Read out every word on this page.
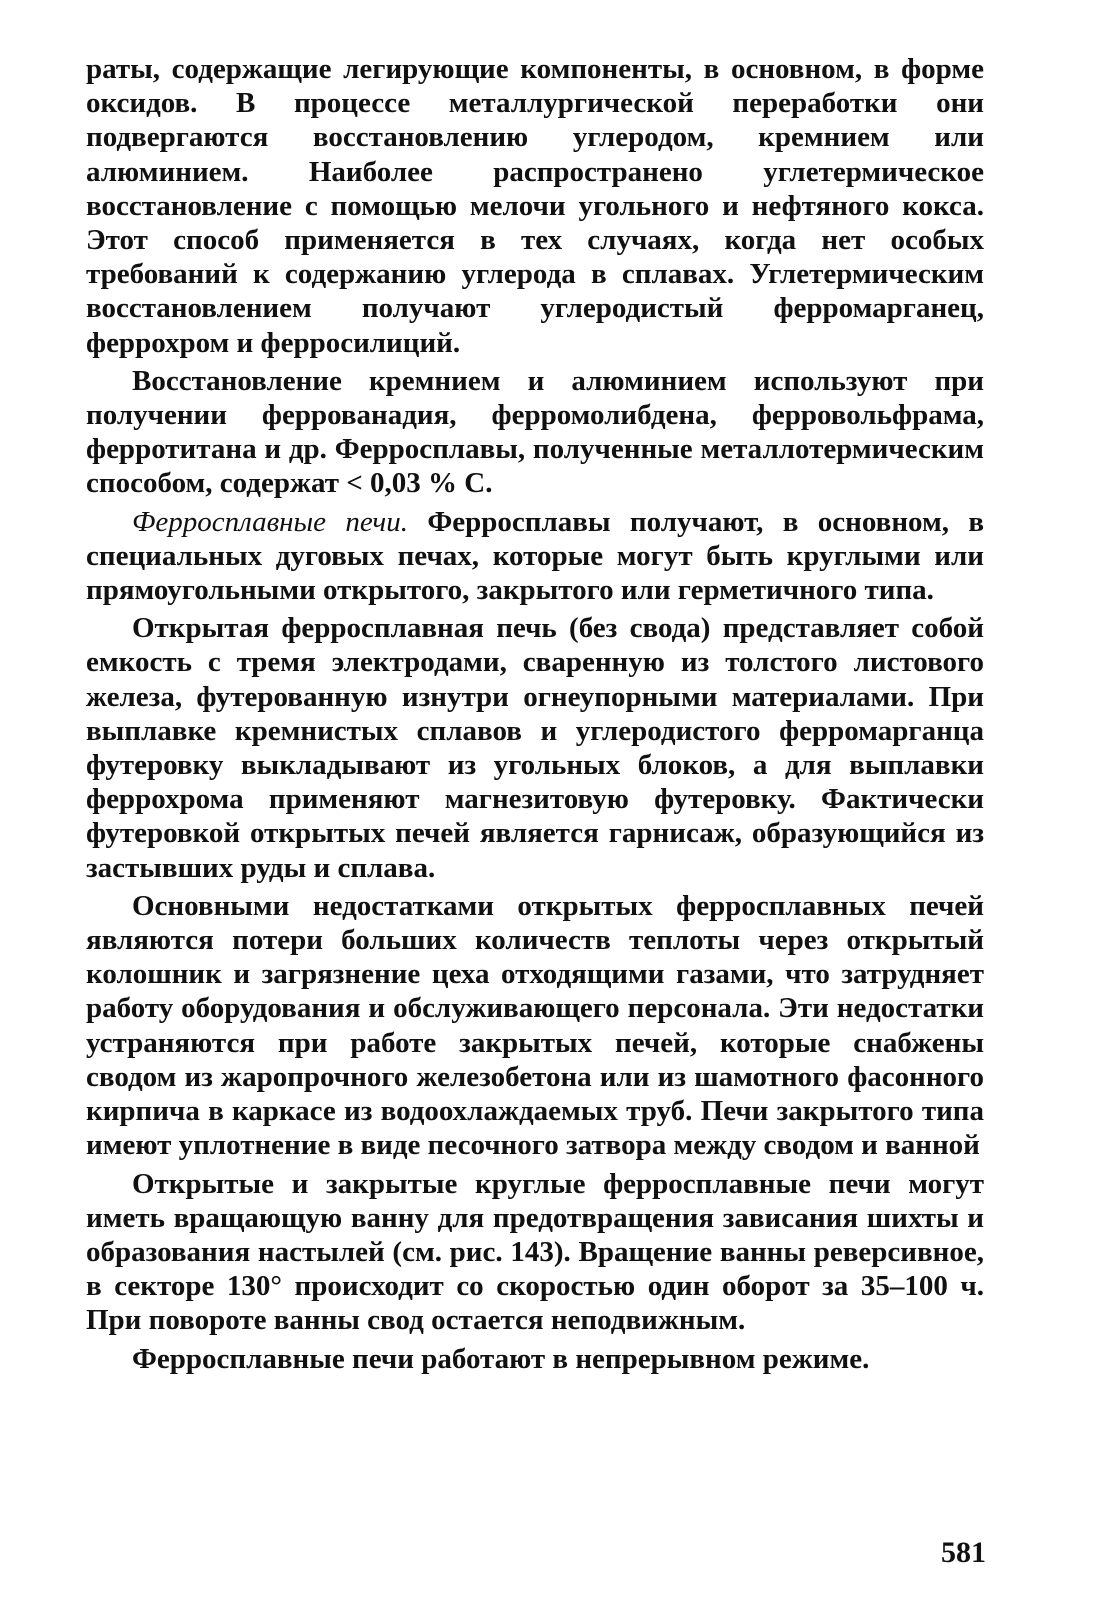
раты, содержащие легирующие компоненты, в основном, в форме оксидов. В процессе металлургической переработки они подвергаются восстановлению углеродом, кремнием или алюминием. Наиболее распространено углетермическое восстановление с помощью мелочи угольного и нефтяного кокса. Этот способ применяется в тех случаях, когда нет особых требований к содержанию углерода в сплавах. Углетермическим восстановлением получают углеродистый ферромарганец, феррохром и ферросилиций.

Восстановление кремнием и алюминием используют при получении феррованадия, ферромолибдена, ферровольфрама, ферротитана и др. Ферросплавы, полученные металлотермическим способом, содержат < 0,03 % С.

Ферросплавные печи. Ферросплавы получают, в основном, в специальных дуговых печах, которые могут быть круглыми или прямоугольными открытого, закрытого или герметичного типа.

Открытая ферросплавная печь (без свода) представляет собой емкость с тремя электродами, сваренную из толстого листового железа, футерованную изнутри огнеупорными материалами. При выплавке кремнистых сплавов и углеродистого ферромарганца футеровку выкладывают из угольных блоков, а для выплавки феррохрома применяют магнезитовую футеровку. Фактически футеровкой открытых печей является гарнисаж, образующийся из застывших руды и сплава.

Основными недостатками открытых ферросплавных печей являются потери больших количеств теплоты через открытый колошник и загрязнение цеха отходящими газами, что затрудняет работу оборудования и обслуживающего персонала. Эти недостатки устраняются при работе закрытых печей, которые снабжены сводом из жаропрочного железобетона или из шамотного фасонного кирпича в каркасе из водоохлаждаемых труб. Печи закрытого типа имеют уплотнение в виде песочного затвора между сводом и ванной

Открытые и закрытые круглые ферросплавные печи могут иметь вращающую ванну для предотвращения зависания шихты и образования настылей (см. рис. 143). Вращение ванны реверсивное, в секторе 130° происходит со скоростью один оборот за 35–100 ч. При повороте ванны свод остается неподвижным.

Ферросплавные печи работают в непрерывном режиме.

581
